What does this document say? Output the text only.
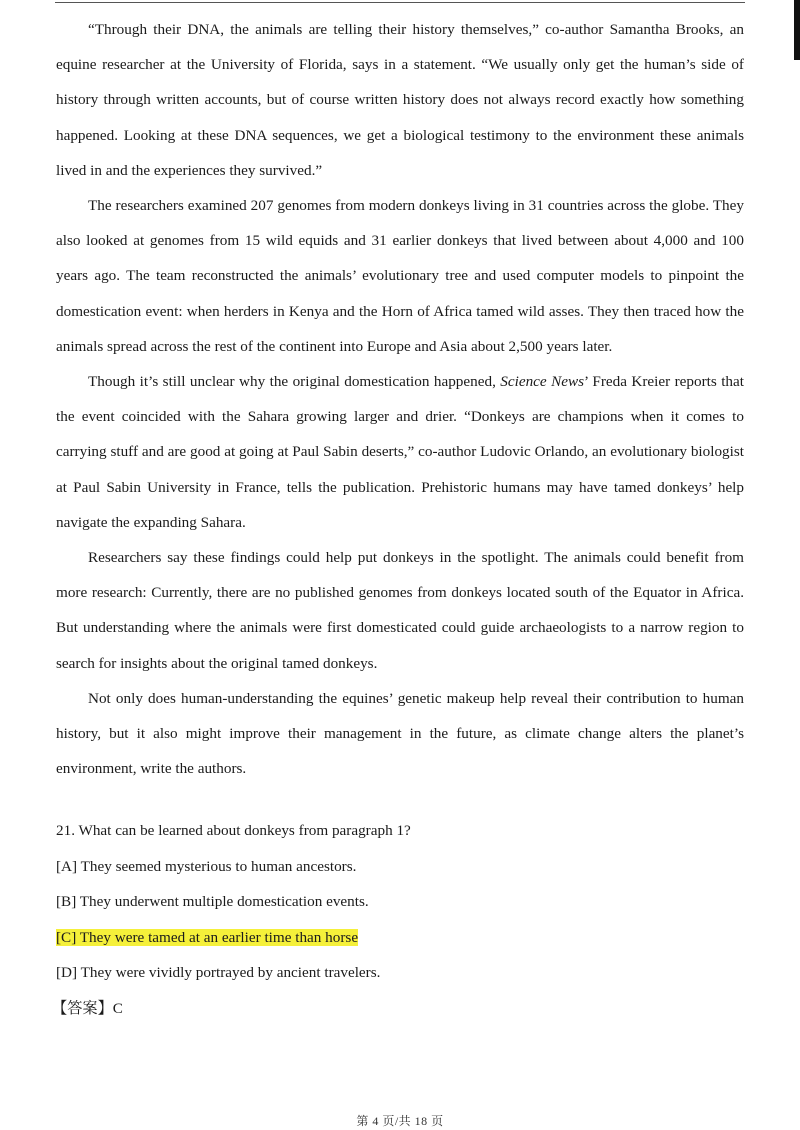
“Through their DNA, the animals are telling their history themselves,” co-author Samantha Brooks, an equine researcher at the University of Florida, says in a statement. “We usually only get the human’s side of history through written accounts, but of course written history does not always record exactly how something happened. Looking at these DNA sequences, we get a biological testimony to the environment these animals lived in and the experiences they survived.”

The researchers examined 207 genomes from modern donkeys living in 31 countries across the globe. They also looked at genomes from 15 wild equids and 31 earlier donkeys that lived between about 4,000 and 100 years ago. The team reconstructed the animals’ evolutionary tree and used computer models to pinpoint the domestication event: when herders in Kenya and the Horn of Africa tamed wild asses. They then traced how the animals spread across the rest of the continent into Europe and Asia about 2,500 years later.

Though it’s still unclear why the original domestication happened, Science News’ Freda Kreier reports that the event coincided with the Sahara growing larger and drier. “Donkeys are champions when it comes to carrying stuff and are good at going at Paul Sabin deserts,” co-author Ludovic Orlando, an evolutionary biologist at Paul Sabin University in France, tells the publication. Prehistoric humans may have tamed donkeys’ help navigate the expanding Sahara.

Researchers say these findings could help put donkeys in the spotlight. The animals could benefit from more research: Currently, there are no published genomes from donkeys located south of the Equator in Africa. But understanding where the animals were first domesticated could guide archaeologists to a narrow region to search for insights about the original tamed donkeys.

Not only does human-understanding the equines’ genetic makeup help reveal their contribution to human history, but it also might improve their management in the future, as climate change alters the planet’s environment, write the authors.

21. What can be learned about donkeys from paragraph 1?

[A] They seemed mysterious to human ancestors.

[B] They underwent multiple domestication events.

[C] They were tamed at an earlier time than horse

[D] They were vividly portrayed by ancient travelers.

【答案】C

第 4 页/共 18 页
